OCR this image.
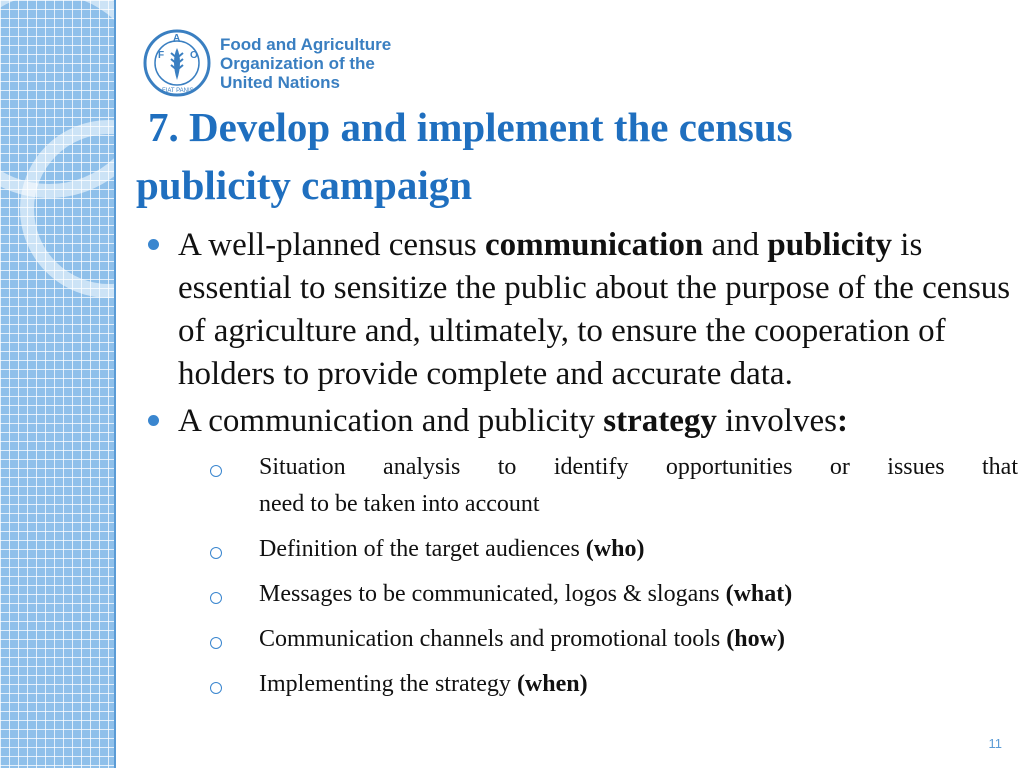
F
A
O
FIAT PANIS
Food and Agriculture
Organization of the
United Nations
7. Develop and implement the census
publicity campaign
A well-planned census communication and publicity is essential to sensitize the public about the purpose of the census of agriculture and, ultimately, to ensure the cooperation of holders to provide complete and accurate data.
A communication and publicity strategy involves:
Situation analysis to identify opportunities or issues that
need to be taken into account
Definition of the target audiences (who)
Messages to be communicated, logos & slogans (what)
Communication channels and promotional tools (how)
Implementing the strategy (when)
11
